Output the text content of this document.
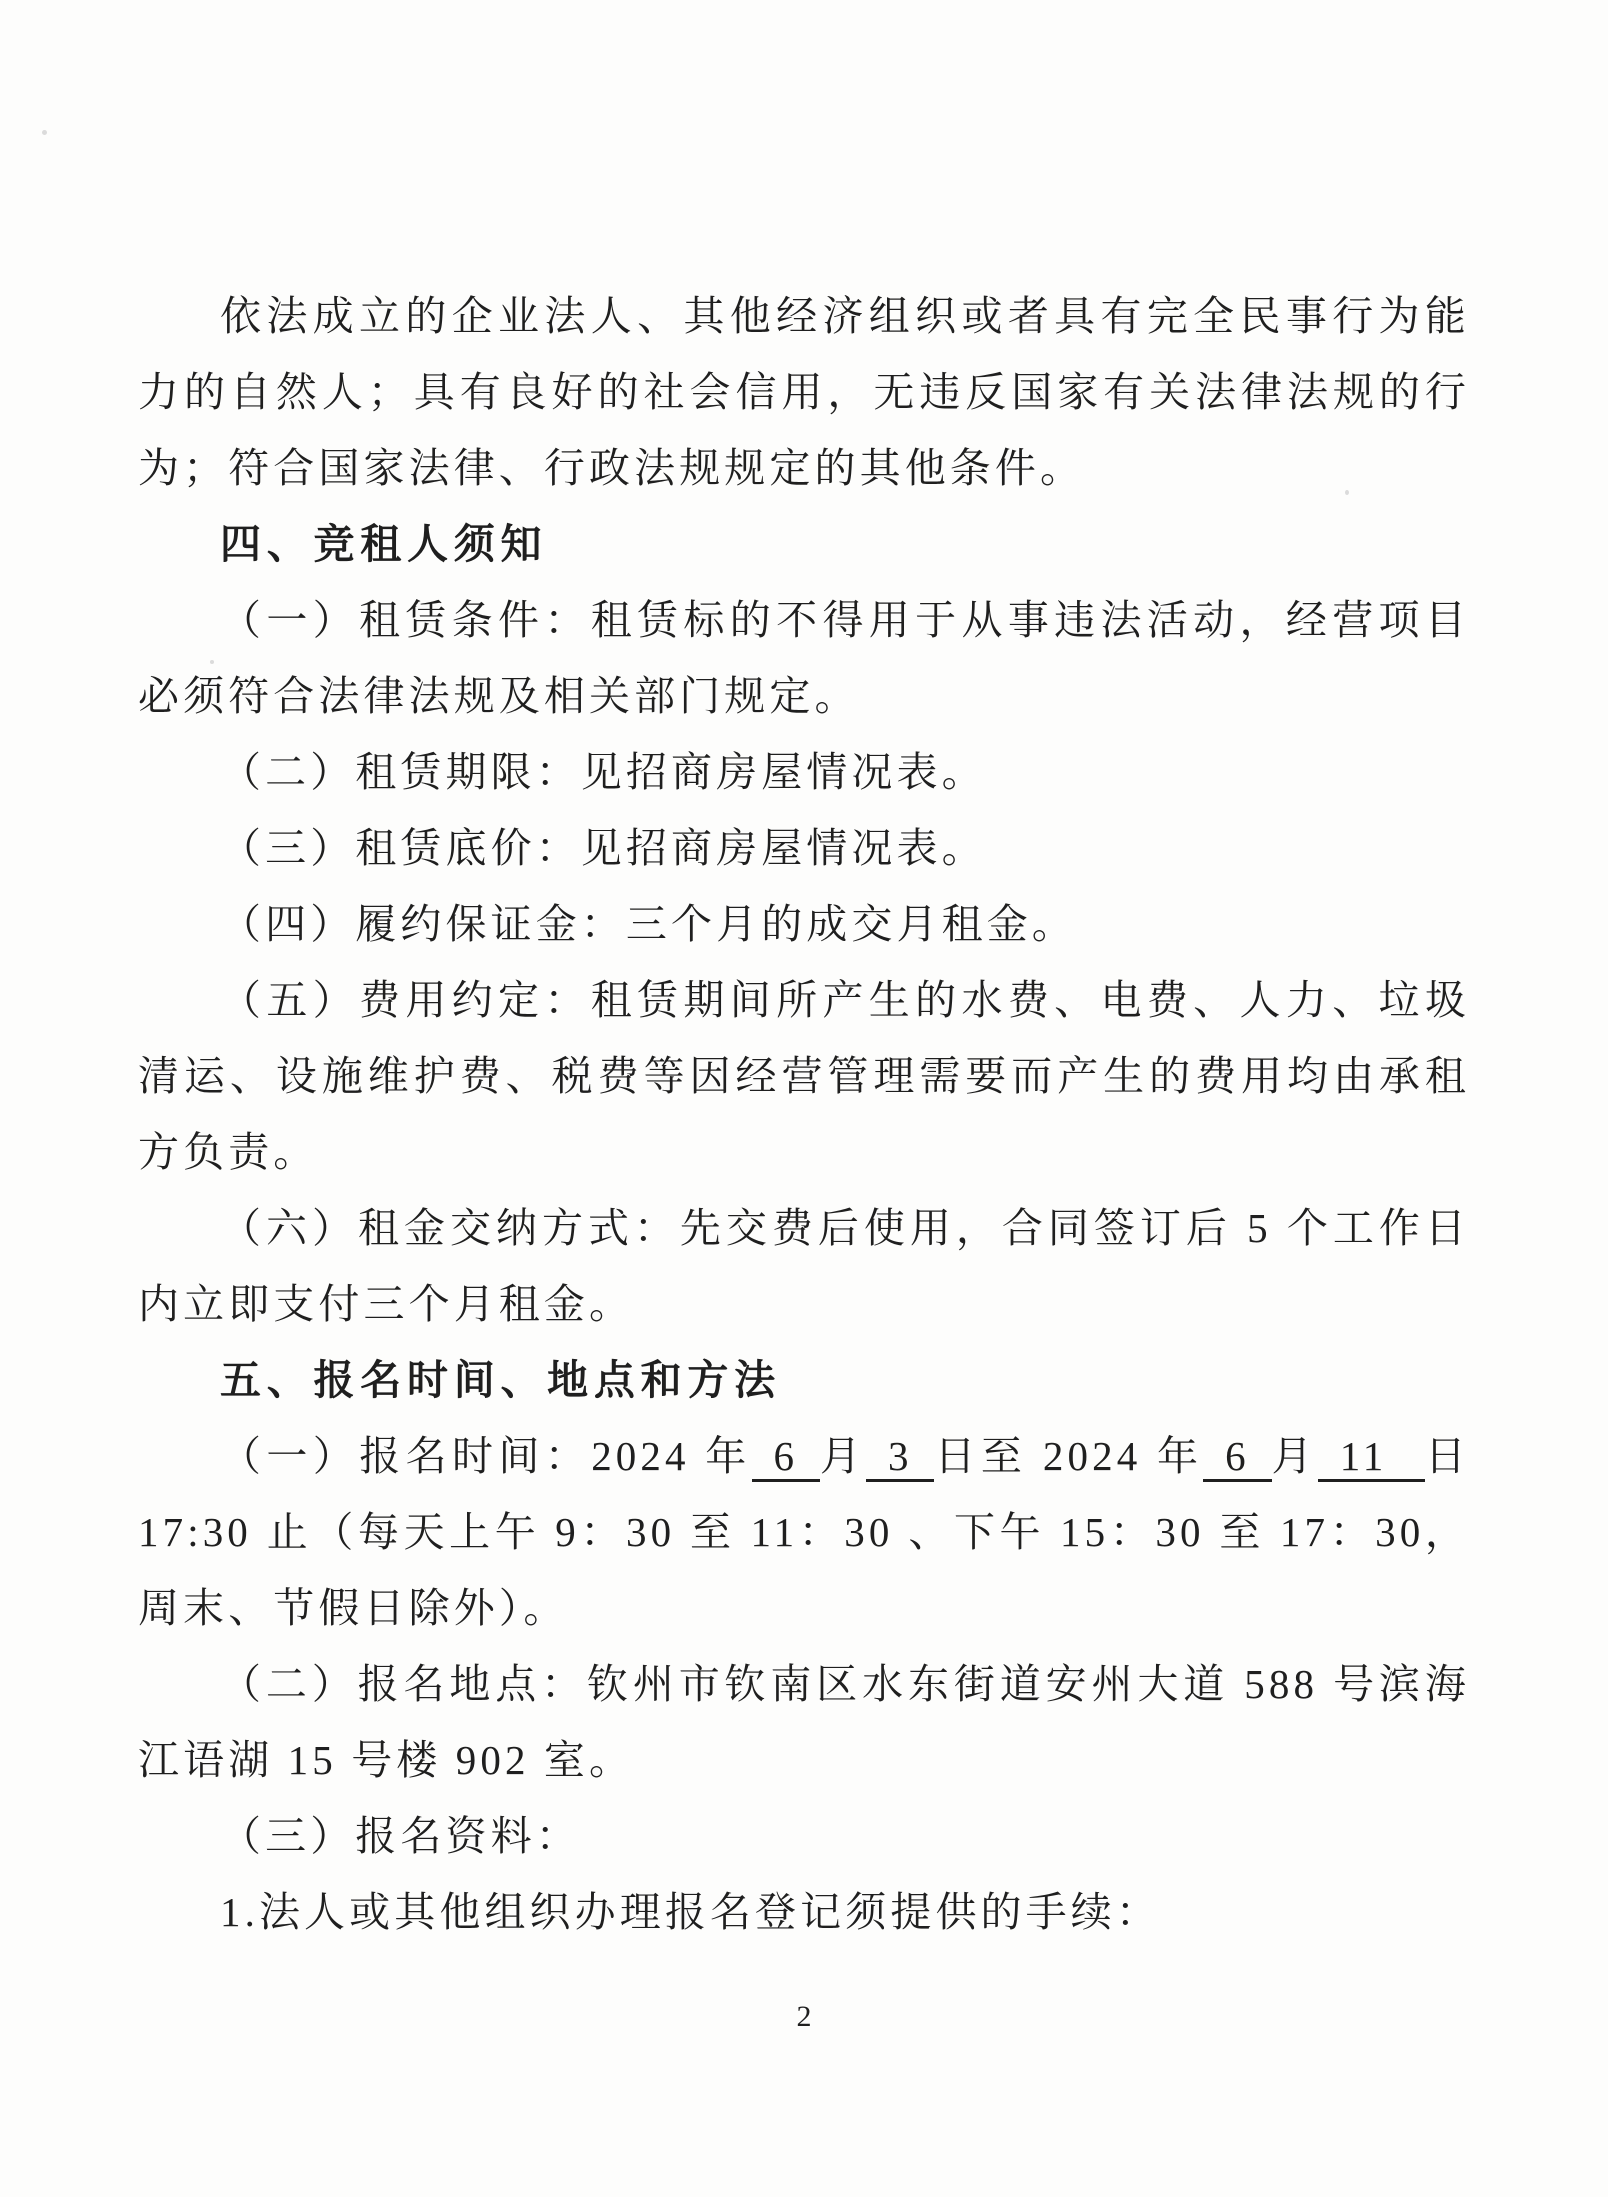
依法成立的企业法人、其他经济组织或者具有完全民事行为能力的自然人；具有良好的社会信用，无违反国家有关法律法规的行为；符合国家法律、行政法规规定的其他条件。

四、竞租人须知

（一）租赁条件：租赁标的不得用于从事违法活动，经营项目必须符合法律法规及相关部门规定。

（二）租赁期限：见招商房屋情况表。

（三）租赁底价：见招商房屋情况表。

（四）履约保证金：三个月的成交月租金。

（五）费用约定：租赁期间所产生的水费、电费、人力、垃圾清运、设施维护费、税费等因经营管理需要而产生的费用均由承租方负责。

（六）租金交纳方式：先交费后使用，合同签订后 5 个工作日内立即支付三个月租金。

五、报名时间、地点和方法

（一）报名时间：2024 年 6 月 3 日至 2024 年 6 月 11  日 17:30 止（每天上午 9：30 至 11：30 、下午 15：30 至 17：30，周末、节假日除外）。

（二）报名地点：钦州市钦南区水东街道安州大道 588 号滨海江语湖 15 号楼 902 室。

（三）报名资料：

1.法人或其他组织办理报名登记须提供的手续：

2
